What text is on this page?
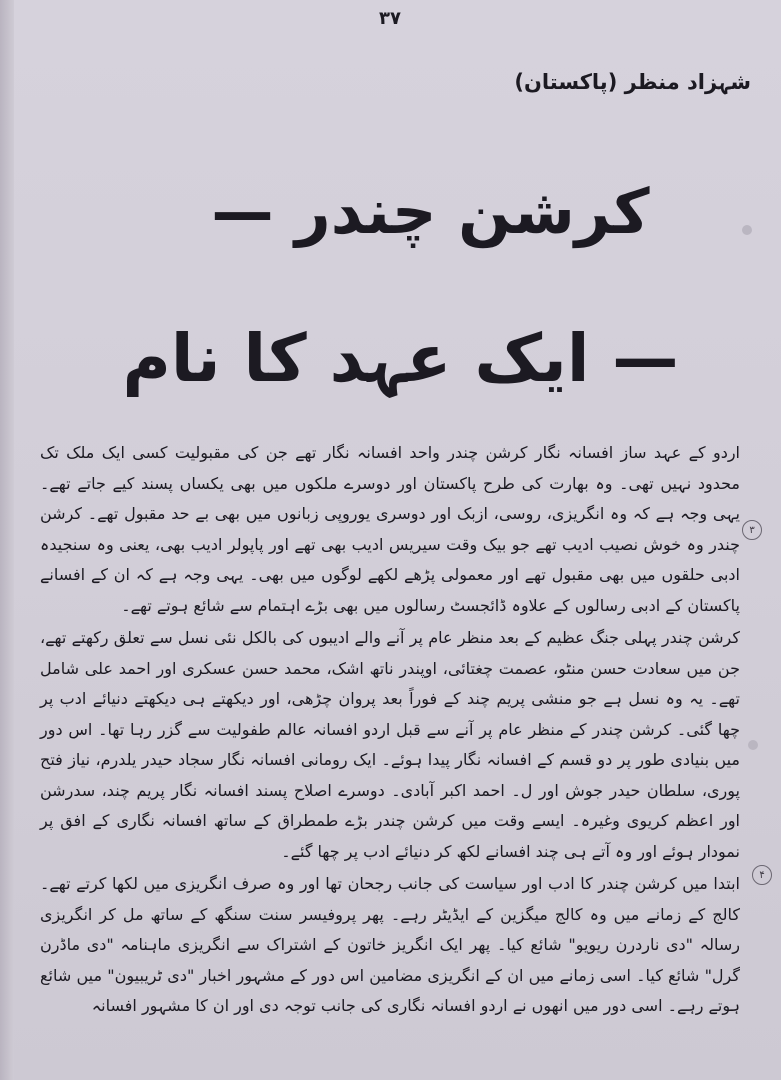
۳۷
شہزاد منظر (پاکستان)
کرشن چندر —
— ایک عہد کا نام
۳
۴

اردو کے عہد ساز افسانہ نگار کرشن چندر واحد افسانہ نگار تھے جن کی مقبولیت کسی ایک ملک تک محدود نہیں تھی۔ وہ بھارت کی طرح پاکستان اور دوسرے ملکوں میں بھی یکساں پسند کیے جاتے تھے۔ یہی وجہ ہے کہ وہ انگریزی، روسی، ازبک اور دوسری یوروپی زبانوں میں بھی بے حد مقبول تھے۔ کرشن چندر وہ خوش نصیب ادیب تھے جو بیک وقت سیریس ادیب بھی تھے اور پاپولر ادیب بھی، یعنی وہ سنجیدہ ادبی حلقوں میں بھی مقبول تھے اور معمولی پڑھے لکھے لوگوں میں بھی۔ یہی وجہ ہے کہ ان کے افسانے پاکستان کے ادبی رسالوں کے علاوہ ڈائجسٹ رسالوں میں بھی بڑے اہتمام سے شائع ہوتے تھے۔

کرشن چندر پہلی جنگ عظیم کے بعد منظر عام پر آنے والے ادیبوں کی بالکل نئی نسل سے تعلق رکھتے تھے، جن میں سعادت حسن منٹو، عصمت چغتائی، اوپندر ناتھ اشک، محمد حسن عسکری اور احمد علی شامل تھے۔ یہ وہ نسل ہے جو منشی پریم چند کے فوراً بعد پروان چڑھی، اور دیکھتے ہی دیکھتے دنیائے ادب پر چھا گئی۔ کرشن چندر کے منظر عام پر آنے سے قبل اردو افسانہ عالم طفولیت سے گزر رہا تھا۔ اس دور میں بنیادی طور پر دو قسم کے افسانہ نگار پیدا ہوئے۔ ایک رومانی افسانہ نگار سجاد حیدر یلدرم، نیاز فتح پوری، سلطان حیدر جوش اور ل۔ احمد اکبر آبادی۔ دوسرے اصلاح پسند افسانہ نگار پریم چند، سدرشن اور اعظم کریوی وغیرہ۔ ایسے وقت میں کرشن چندر بڑے طمطراق کے ساتھ افسانہ نگاری کے افق پر نمودار ہوئے اور وہ آتے ہی چند افسانے لکھ کر دنیائے ادب پر چھا گئے۔

ابتدا میں کرشن چندر کا ادب اور سیاست کی جانب رجحان تھا اور وہ صرف انگریزی میں لکھا کرتے تھے۔ کالج کے زمانے میں وہ کالج میگزین کے ایڈیٹر رہے۔ پھر پروفیسر سنت سنگھ کے ساتھ مل کر انگریزی رسالہ "دی ناردرن ریویو" شائع کیا۔ پھر ایک انگریز خاتون کے اشتراک سے انگریزی ماہنامہ "دی ماڈرن گرل" شائع کیا۔ اسی زمانے میں ان کے انگریزی مضامین اس دور کے مشہور اخبار "دی ٹریبیون" میں شائع ہوتے رہے۔ اسی دور میں انھوں نے اردو افسانہ نگاری کی جانب توجہ دی اور ان کا مشہور افسانہ
